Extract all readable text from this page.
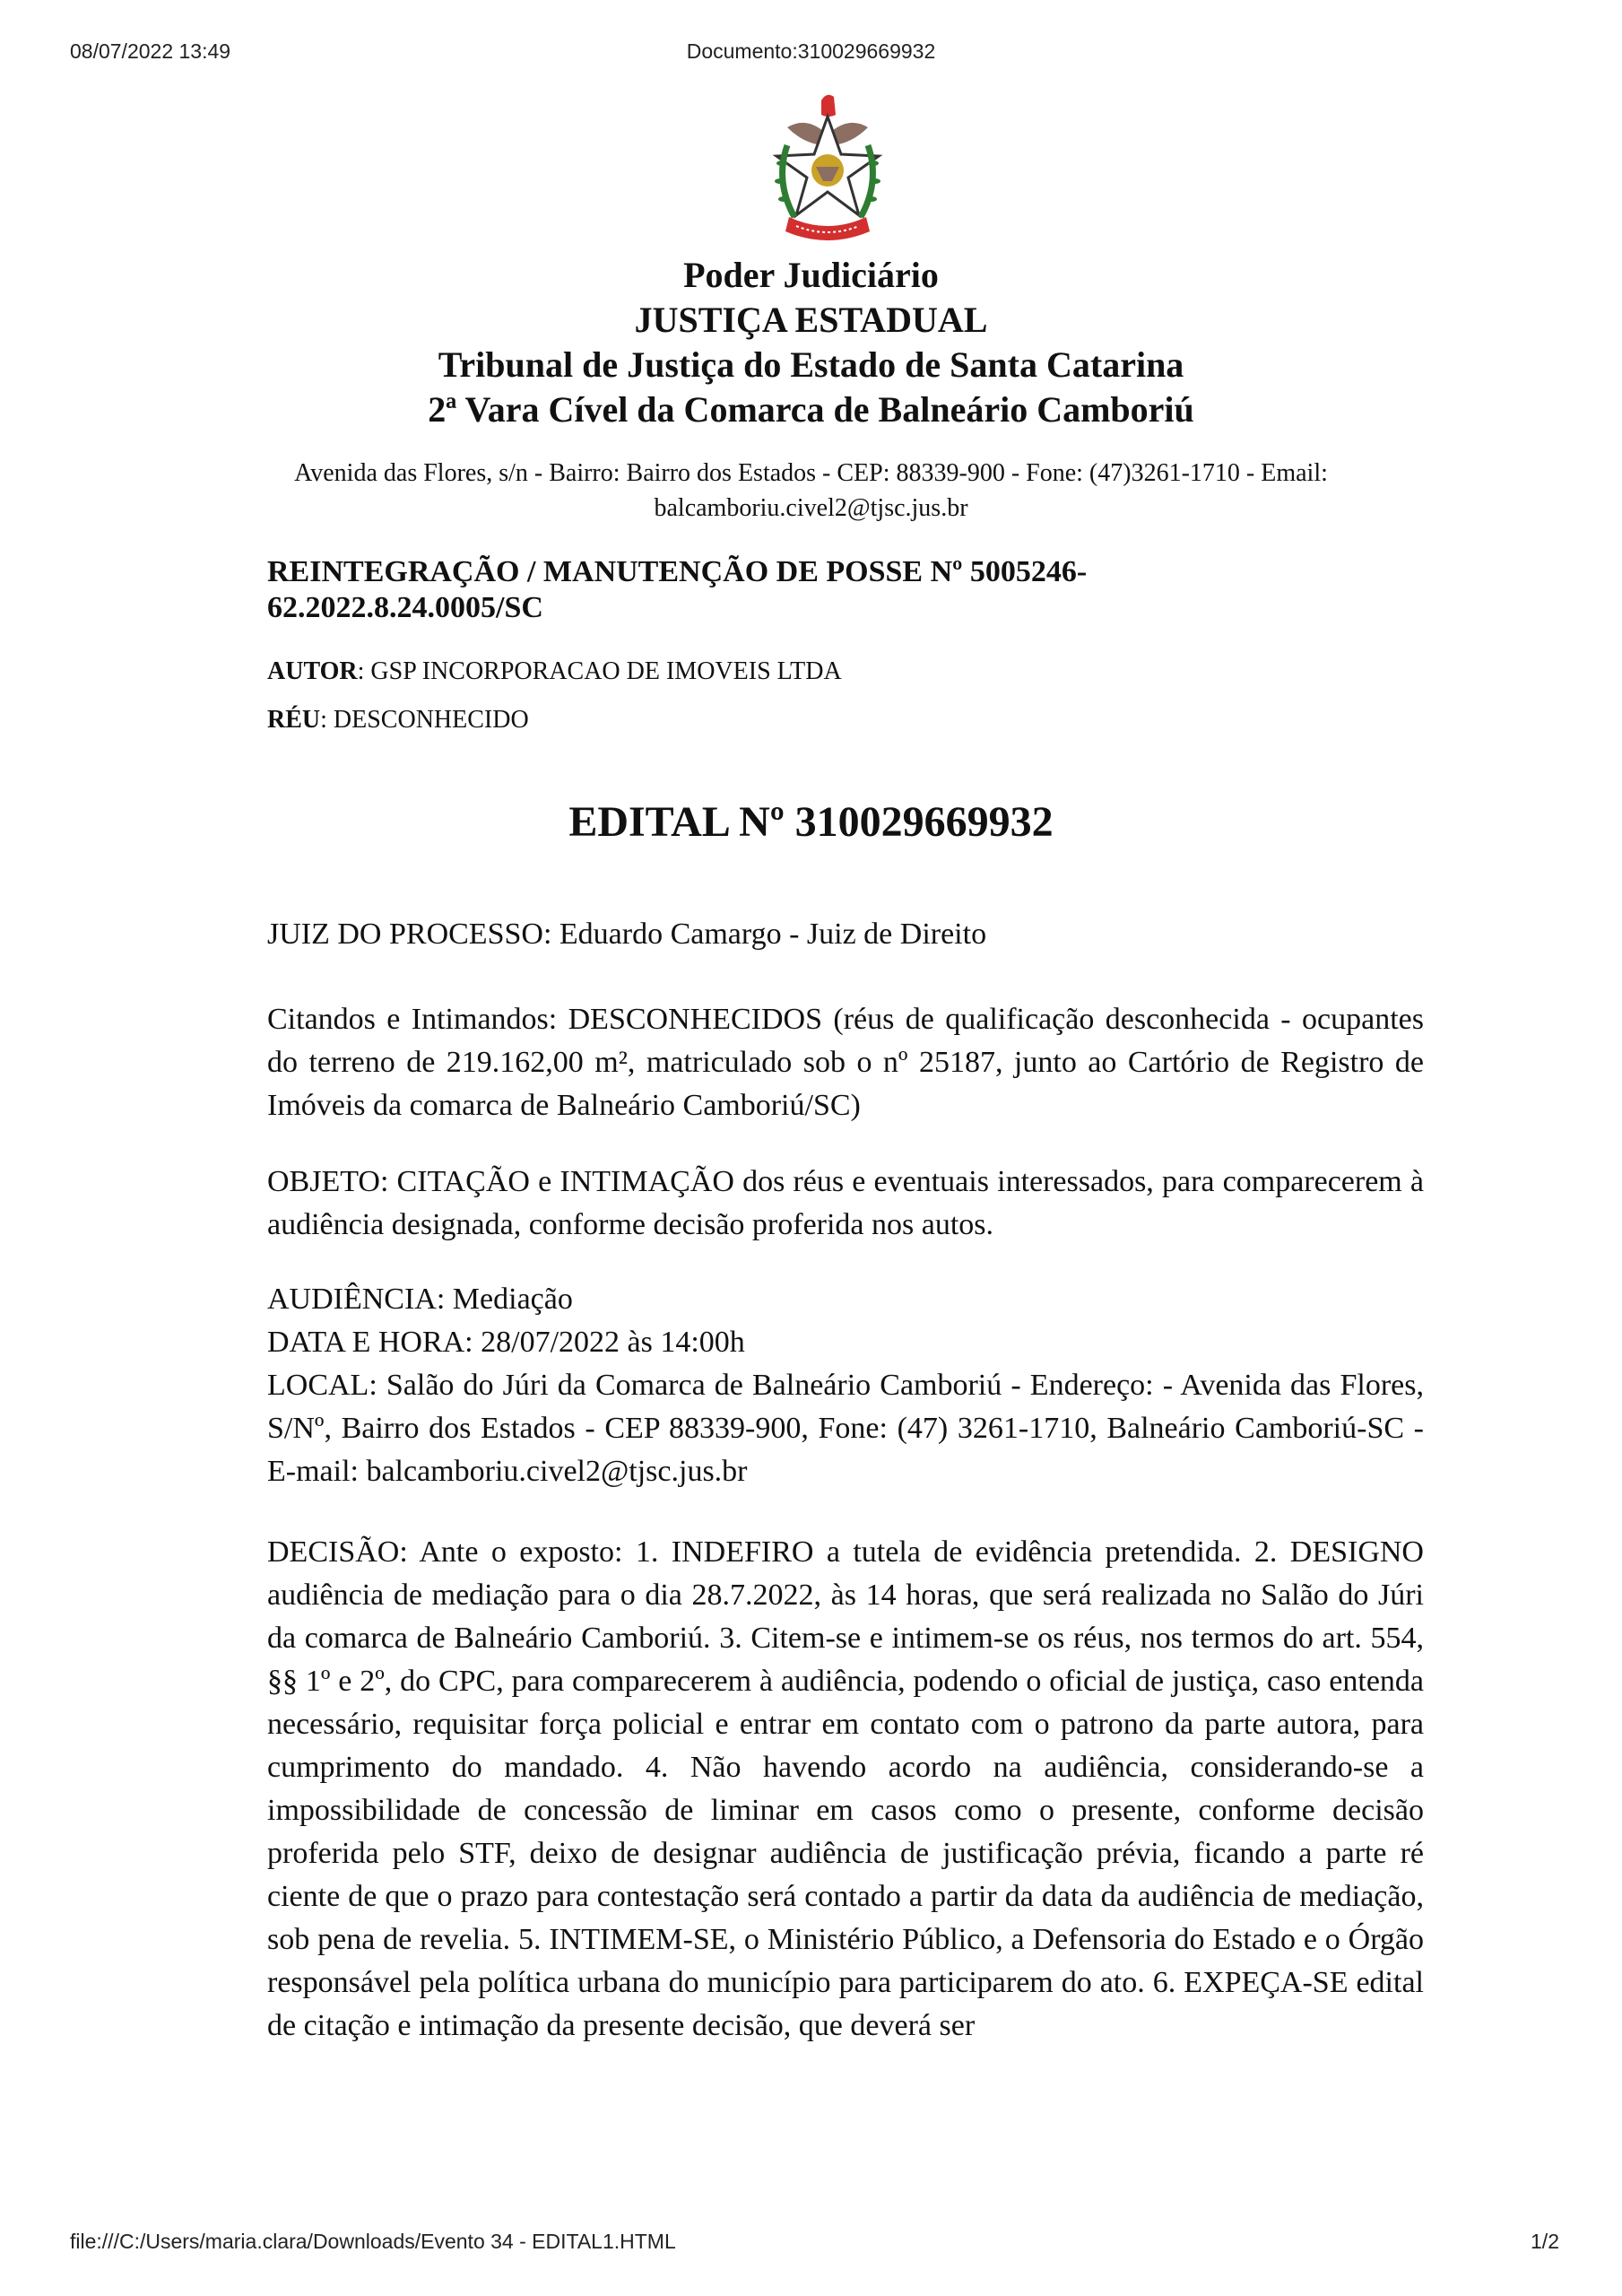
08/07/2022 13:49	Documento:310029669932
Poder Judiciário
JUSTIÇA ESTADUAL
Tribunal de Justiça do Estado de Santa Catarina
2ª Vara Cível da Comarca de Balneário Camboriú
Avenida das Flores, s/n - Bairro: Bairro dos Estados - CEP: 88339-900 - Fone: (47)3261-1710 - Email:
balcamboriu.civel2@tjsc.jus.br
REINTEGRAÇÃO / MANUTENÇÃO DE POSSE Nº 5005246-
62.2022.8.24.0005/SC
AUTOR: GSP INCORPORACAO DE IMOVEIS LTDA
RÉU: DESCONHECIDO
EDITAL Nº 310029669932
JUIZ DO PROCESSO: Eduardo Camargo - Juiz de Direito
Citandos e Intimandos: DESCONHECIDOS (réus de qualificação desconhecida - ocupantes do terreno de 219.162,00 m², matriculado sob o nº 25187, junto ao Cartório de Registro de Imóveis da comarca de Balneário Camboriú/SC)
OBJETO: CITAÇÃO e INTIMAÇÃO dos réus e eventuais interessados, para comparecerem à audiência designada, conforme decisão proferida nos autos.
AUDIÊNCIA: Mediação
DATA E HORA: 28/07/2022 às 14:00h
LOCAL: Salão do Júri da Comarca de Balneário Camboriú - Endereço: - Avenida das Flores, S/Nº, Bairro dos Estados - CEP 88339-900, Fone: (47) 3261-1710, Balneário Camboriú-SC - E-mail: balcamboriu.civel2@tjsc.jus.br
DECISÃO: Ante o exposto: 1. INDEFIRO a tutela de evidência pretendida. 2. DESIGNO audiência de mediação para o dia 28.7.2022, às 14 horas, que será realizada no Salão do Júri da comarca de Balneário Camboriú. 3. Citem-se e intimem-se os réus, nos termos do art. 554, §§ 1º e 2º, do CPC, para comparecerem à audiência, podendo o oficial de justiça, caso entenda necessário, requisitar força policial e entrar em contato com o patrono da parte autora, para cumprimento do mandado. 4. Não havendo acordo na audiência, considerando-se a impossibilidade de concessão de liminar em casos como o presente, conforme decisão proferida pelo STF, deixo de designar audiência de justificação prévia, ficando a parte ré ciente de que o prazo para contestação será contado a partir da data da audiência de mediação, sob pena de revelia. 5. INTIMEM-SE, o Ministério Público, a Defensoria do Estado e o Órgão responsável pela política urbana do município para participarem do ato. 6. EXPEÇA-SE edital de citação e intimação da presente decisão, que deverá ser
file:///C:/Users/maria.clara/Downloads/Evento 34 - EDITAL1.HTML	1/2
